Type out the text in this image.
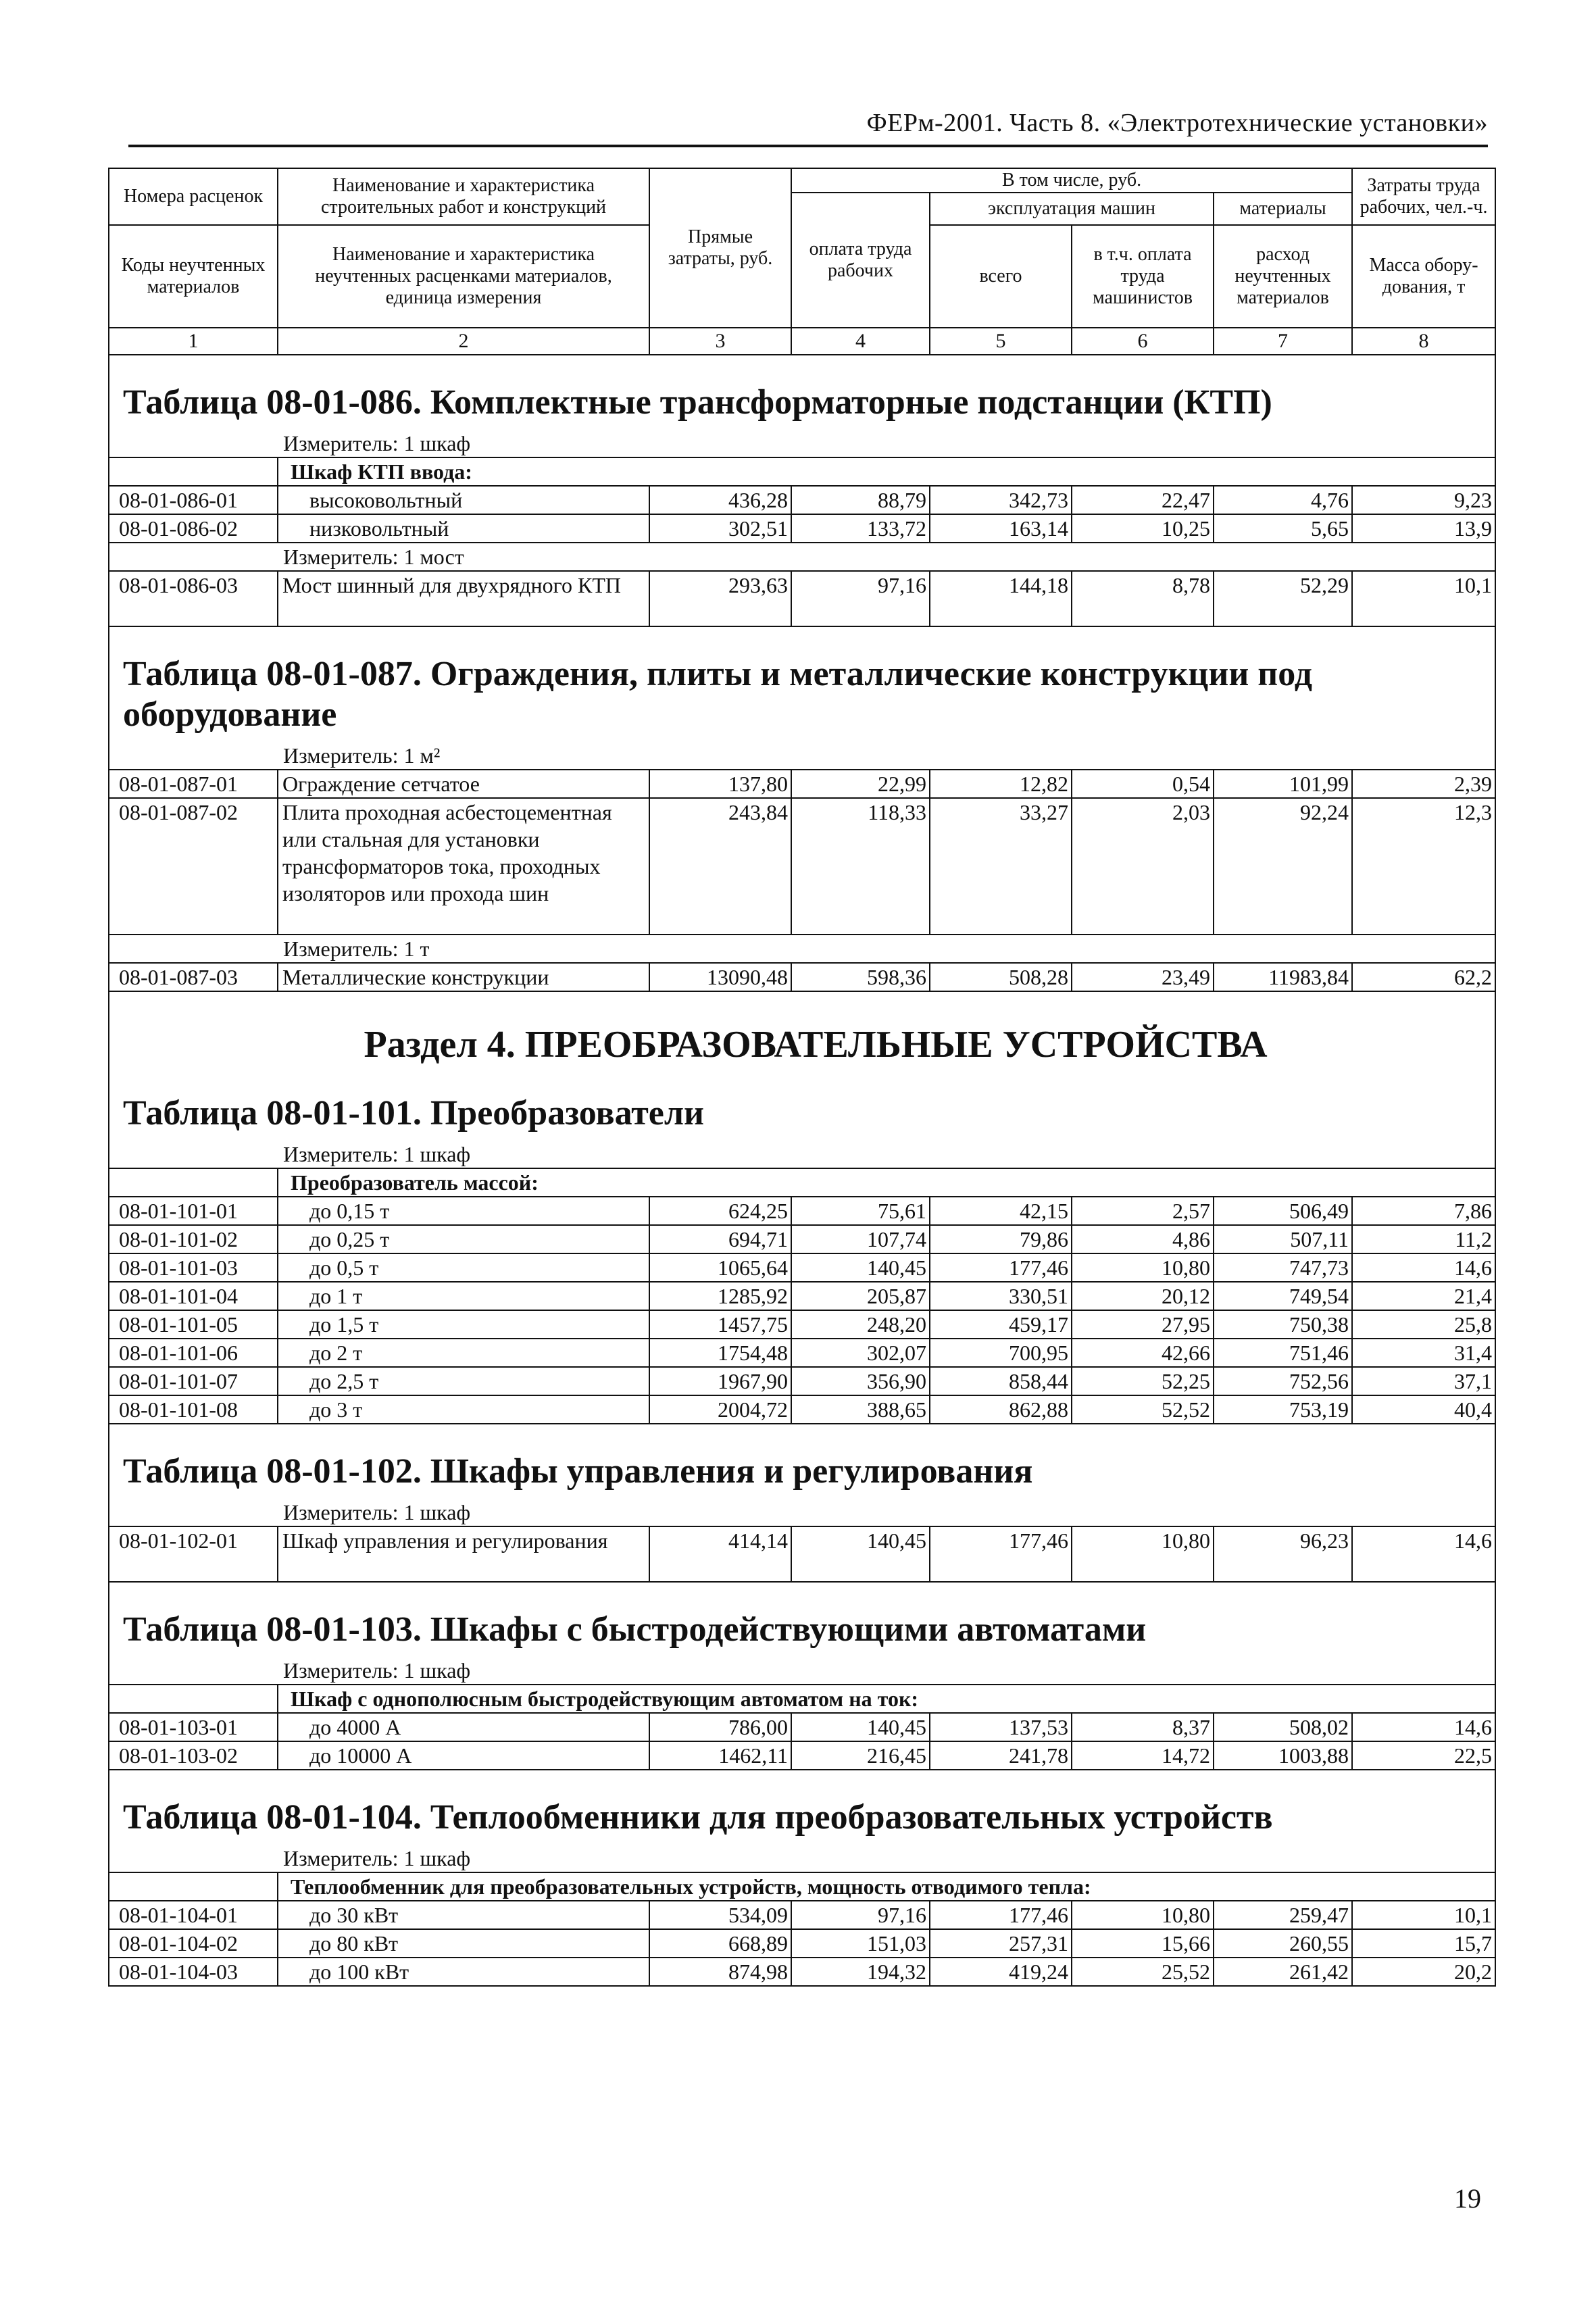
ФЕРм-2001. Часть 8. «Электротехнические установки»
Номера расценок	Наименование и характеристика строительных работ и конструкций	Прямые затраты, руб.	В том числе, руб.				Затраты труда рабочих, чел.-ч.
			оплата труда рабочих	эксплуатация машин		материалы	
Коды неучтенных материалов	Наименование и характеристика неучтенных расценками материалов, единица измерения			всего	в т.ч. оплата труда машинистов	расход неучтенных материалов	
							Масса обору-дования, т
1	2	3	4	5	6	7	8
Таблица 08-01-086. Комплектные трансформаторные подстанции (КТП)							
	Измеритель: 1 шкаф						
	Шкаф КТП ввода:						
08-01-086-01	высоковольтный	436,28	88,79	342,73	22,47	4,76	9,23
08-01-086-02	низковольтный	302,51	133,72	163,14	10,25	5,65	13,9
	Измеритель: 1 мост						
08-01-086-03	Мост шинный для двухрядного КТП	293,63	97,16	144,18	8,78	52,29	10,1
Таблица 08-01-087. Ограждения, плиты и металлические конструкции под оборудование							
	Измеритель: 1 м²						
08-01-087-01	Ограждение сетчатое	137,80	22,99	12,82	0,54	101,99	2,39
08-01-087-02	Плита проходная асбестоцементная или стальная для установки трансформаторов тока, проходных изоляторов или прохода шин	243,84	118,33	33,27	2,03	92,24	12,3
	Измеритель: 1 т						
08-01-087-03	Металлические конструкции	13090,48	598,36	508,28	23,49	11983,84	62,2
Раздел 4. ПРЕОБРАЗОВАТЕЛЬНЫЕ УСТРОЙСТВА							
Таблица 08-01-101. Преобразователи							
	Измеритель: 1 шкаф						
	Преобразователь массой:						
08-01-101-01	до 0,15 т	624,25	75,61	42,15	2,57	506,49	7,86
08-01-101-02	до 0,25 т	694,71	107,74	79,86	4,86	507,11	11,2
08-01-101-03	до 0,5 т	1065,64	140,45	177,46	10,80	747,73	14,6
08-01-101-04	до 1 т	1285,92	205,87	330,51	20,12	749,54	21,4
08-01-101-05	до 1,5 т	1457,75	248,20	459,17	27,95	750,38	25,8
08-01-101-06	до 2 т	1754,48	302,07	700,95	42,66	751,46	31,4
08-01-101-07	до 2,5 т	1967,90	356,90	858,44	52,25	752,56	37,1
08-01-101-08	до 3 т	2004,72	388,65	862,88	52,52	753,19	40,4
Таблица 08-01-102. Шкафы управления и регулирования							
	Измеритель: 1 шкаф						
08-01-102-01	Шкаф управления и регулирования	414,14	140,45	177,46	10,80	96,23	14,6
Таблица 08-01-103. Шкафы с быстродействующими автоматами							
	Измеритель: 1 шкаф						
	Шкаф с однополюсным быстродействующим автоматом на ток:						
08-01-103-01	до 4000 А	786,00	140,45	137,53	8,37	508,02	14,6
08-01-103-02	до 10000 А	1462,11	216,45	241,78	14,72	1003,88	22,5
Таблица 08-01-104. Теплообменники для преобразовательных устройств							
	Измеритель: 1 шкаф						
	Теплообменник для преобразовательных устройств, мощность отводимого тепла:						
08-01-104-01	до 30 кВт	534,09	97,16	177,46	10,80	259,47	10,1
08-01-104-02	до 80 кВт	668,89	151,03	257,31	15,66	260,55	15,7
08-01-104-03	до 100 кВт	874,98	194,32	419,24	25,52	261,42	20,2
19
